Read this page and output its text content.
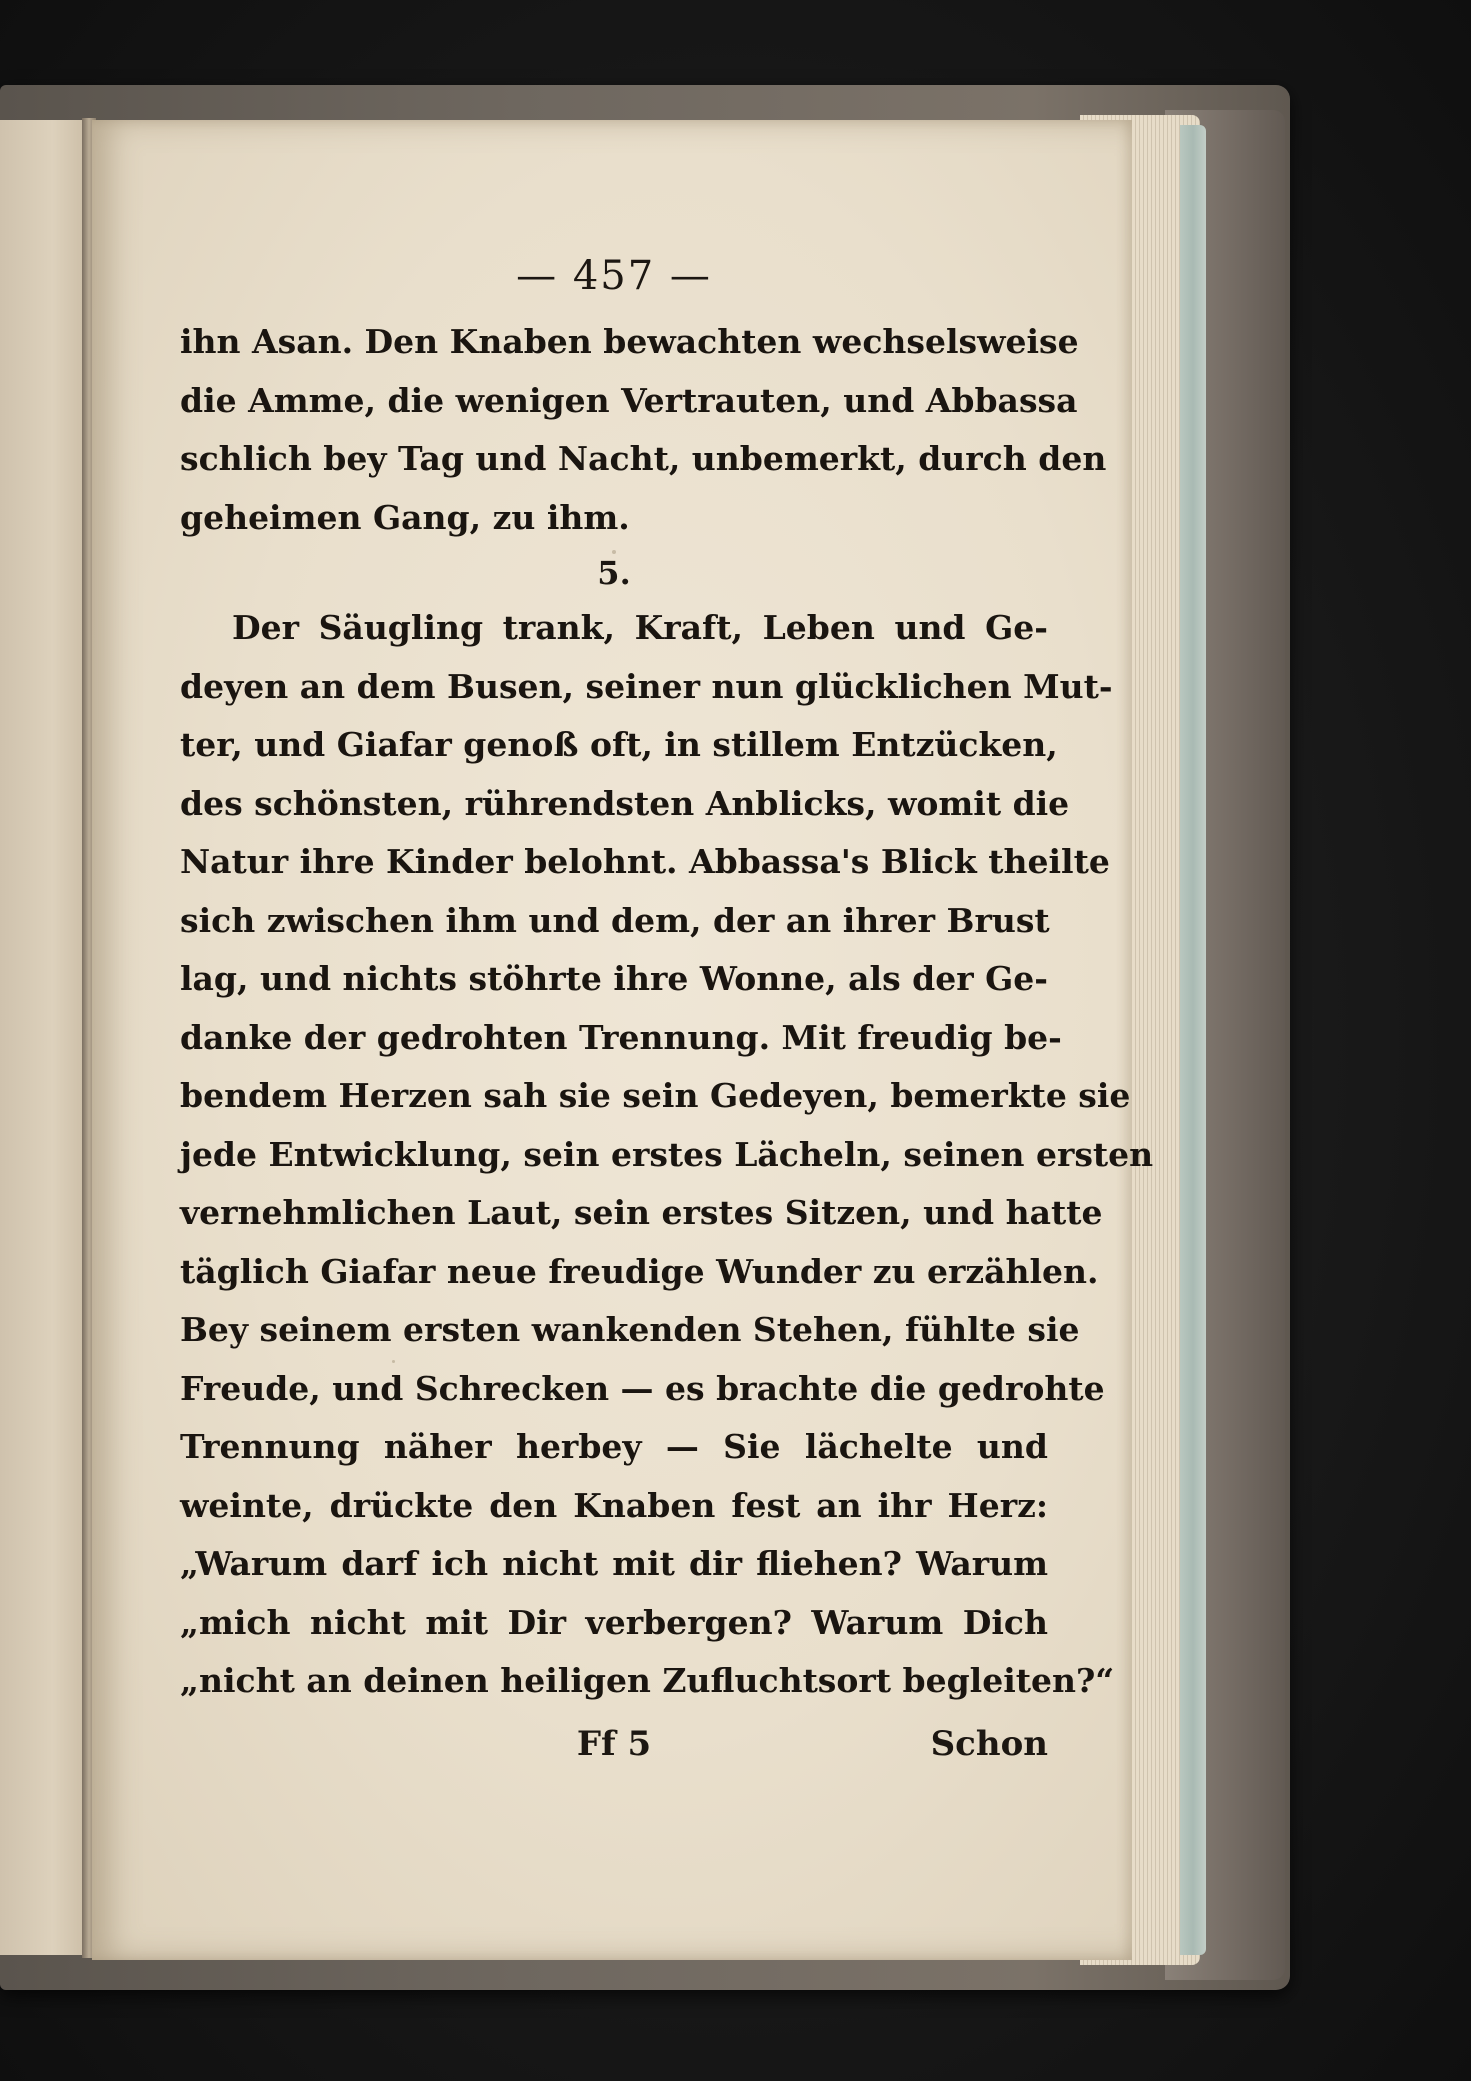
— 457 —
ihn Asan. Den Knaben bewachten wechselsweise
die Amme, die wenigen Vertrauten, und Abbassa
schlich bey Tag und Nacht, unbemerkt, durch den
geheimen Gang, zu ihm.
5.
Der Säugling trank, Kraft, Leben und Ge-
deyen an dem Busen, seiner nun glücklichen Mut-
ter, und Giafar genoß oft, in stillem Entzücken,
des schönsten, rührendsten Anblicks, womit die
Natur ihre Kinder belohnt. Abbassa's Blick theilte
sich zwischen ihm und dem, der an ihrer Brust
lag, und nichts stöhrte ihre Wonne, als der Ge-
danke der gedrohten Trennung. Mit freudig be-
bendem Herzen sah sie sein Gedeyen, bemerkte sie
jede Entwicklung, sein erstes Lächeln, seinen ersten
vernehmlichen Laut, sein erstes Sitzen, und hatte
täglich Giafar neue freudige Wunder zu erzählen.
Bey seinem ersten wankenden Stehen, fühlte sie
Freude, und Schrecken — es brachte die gedrohte
Trennung näher herbey — Sie lächelte und
weinte, drückte den Knaben fest an ihr Herz:
„Warum darf ich nicht mit dir fliehen? Warum
„mich nicht mit Dir verbergen? Warum Dich
„nicht an deinen heiligen Zufluchtsort begleiten?“
Ff 5	Schon
